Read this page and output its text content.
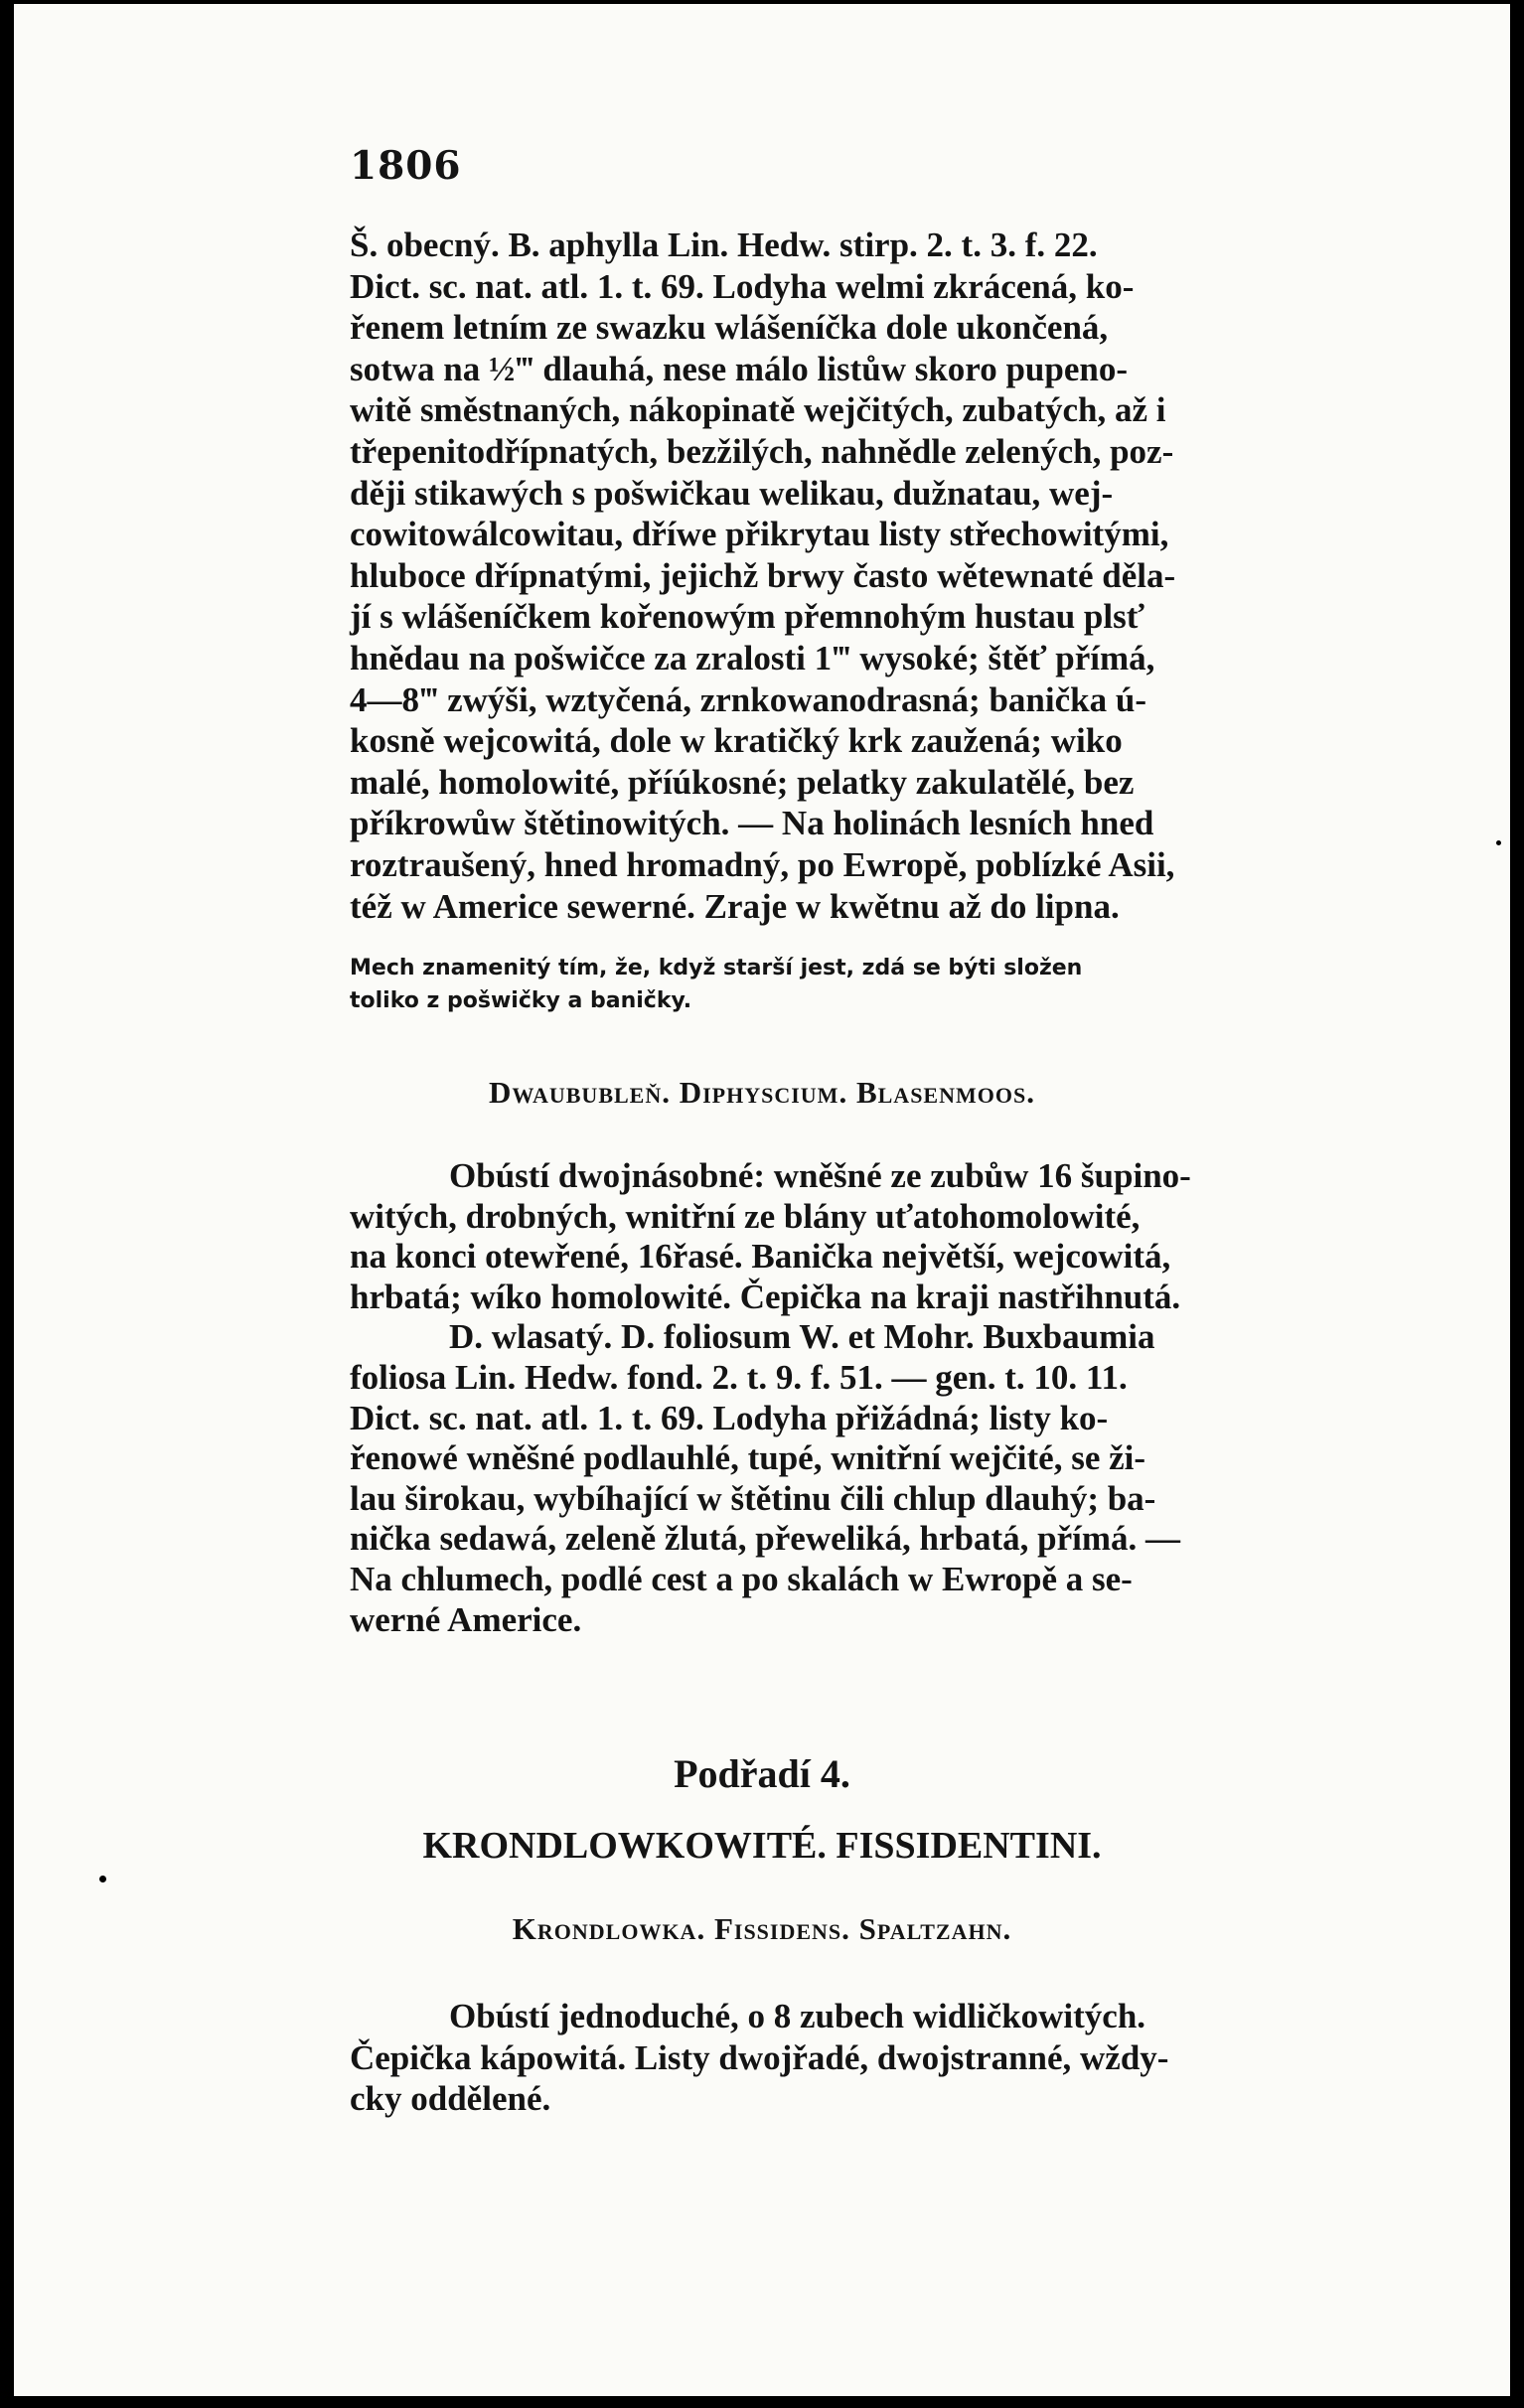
1806
Š. obecný. B. aphylla Lin. Hedw. stirp. 2. t. 3. f. 22.
Dict. sc. nat. atl. 1. t. 69. Lodyha welmi zkrácená, ko-
řenem letním ze swazku wlášeníčka dole ukončená,
sotwa na ½‴ dlauhá, nese málo listůw skoro pupeno-
witě směstnaných, nákopinatě wejčitých, zubatých, až i
třepenitodřípnatých, bezžilých, nahnědle zelených, poz-
ději stikawých s pošwičkau welikau, dužnatau, wej-
cowitowálcowitau, dříwe přikrytau listy střechowitými,
hluboce dřípnatými, jejichž brwy často wětewnaté děla-
jí s wlášeníčkem kořenowým přemnohým hustau plsť
hnědau na pošwičce za zralosti 1‴ wysoké; štěť přímá,
4—8‴ zwýši, wztyčená, zrnkowanodrasná; banička ú-
kosně wejcowitá, dole w kratičký krk zaužená; wiko
malé, homolowité, příúkosné; pelatky zakulatělé, bez
příkrowůw štětinowitých. — Na holinách lesních hned
roztraušený, hned hromadný, po Ewropě, poblízké Asii,
též w Americe sewerné. Zraje w kwětnu až do lipna.
Mech znamenitý tím, že, když starší jest, zdá se býti složen
toliko z pošwičky a baničky.
Dwaububleň. Diphyscium. Blasenmoos.
Obústí dwojnásobné: wněšné ze zubůw 16 šupino-
witých, drobných, wnitřní ze blány uťatohomolowité,
na konci otewřené, 16řasé. Banička největší, wejcowitá,
hrbatá; wíko homolowité. Čepička na kraji nastřihnutá.
D. wlasatý. D. foliosum W. et Mohr. Buxbaumia
foliosa Lin. Hedw. fond. 2. t. 9. f. 51. — gen. t. 10. 11.
Dict. sc. nat. atl. 1. t. 69. Lodyha přižádná; listy ko-
řenowé wněšné podlauhlé, tupé, wnitřní wejčité, se ži-
lau širokau, wybíhající w štětinu čili chlup dlauhý; ba-
nička sedawá, zeleně žlutá, přeweliká, hrbatá, přímá. —
Na chlumech, podlé cest a po skalách w Ewropě a se-
werné Americe.
Podřadí 4.
KRONDLOWKOWITÉ. FISSIDENTINI.
Krondlowka. Fissidens. Spaltzahn.
Obústí jednoduché, o 8 zubech widličkowitých.
Čepička kápowitá. Listy dwojřadé, dwojstranné, wždy-
cky oddělené.
